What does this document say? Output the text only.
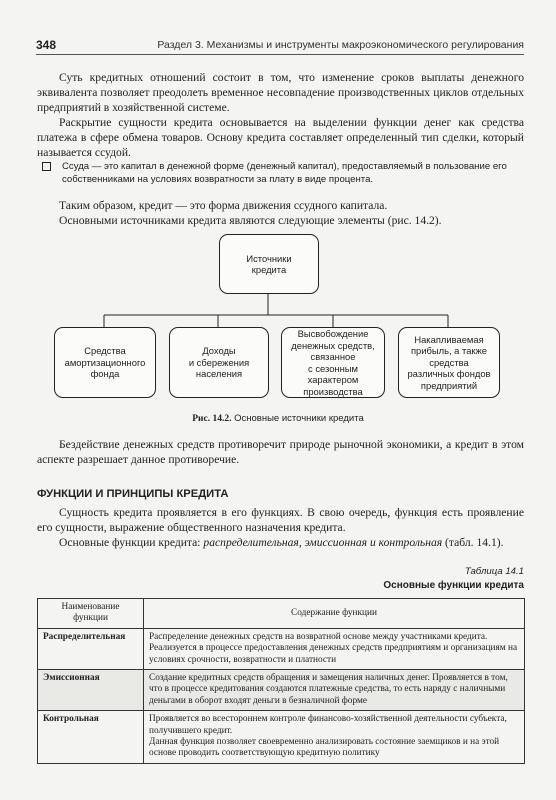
348	Раздел 3. Механизмы и инструменты макроэкономического регулирования

Суть кредитных отношений состоит в том, что изменение сроков выплаты денежного эквивалента позволяет преодолеть временное несовпадение производственных циклов отдельных предприятий в хозяйственной системе.

Раскрытие сущности кредита основывается на выделении функции денег как средства платежа в сфере обмена товаров. Основу кредита составляет определенный тип сделки, который называется ссудой.

Ссуда — это капитал в денежной форме (денежный капитал), предоставляемый в пользование его собственниками на условиях возвратности за плату в виде процента.

Таким образом, кредит — это форма движения ссудного капитала.

Основными источниками кредита являются следующие элементы (рис. 14.2).

Источники
кредита
Средства
амортизационного
фонда
Доходы
и сбережения
населения
Высвобождение
денежных средств,
связанное
с сезонным
характером
производства
Накапливаемая
прибыль, а также
средства
различных фондов
предприятий
Рис. 14.2. Основные источники кредита

Бездействие денежных средств противоречит природе рыночной экономики, а кредит в этом аспекте разрешает данное противоречие.

ФУНКЦИИ И ПРИНЦИПЫ КРЕДИТА

Сущность кредита проявляется в его функциях. В свою очередь, функция есть проявление его сущности, выражение общественного назначения кредита.

Основные функции кредита: распределительная, эмиссионная и контрольная (табл. 14.1).

Таблица 14.1
Основные функции кредита
Наименование функции	Содержание функции
Распределительная	Распределение денежных средств на возвратной основе между участниками кредита. Реализуется в процессе предоставления денежных средств предприятиям и организациям на условиях срочности, возвратности и платности

Эмиссионная	Создание кредитных средств обращения и замещения наличных денег. Проявляется в том, что в процессе кредитования создаются платежные средства, то есть наряду с наличными деньгами в оборот входят деньги в безналичной форме

Контрольная	Проявляется во всестороннем контроле финансово-хозяйственной деятельности субъекта, получившего кредит.

Данная функция позволяет своевременно анализировать состояние заемщиков и на этой основе проводить соответствующую кредитную политику
